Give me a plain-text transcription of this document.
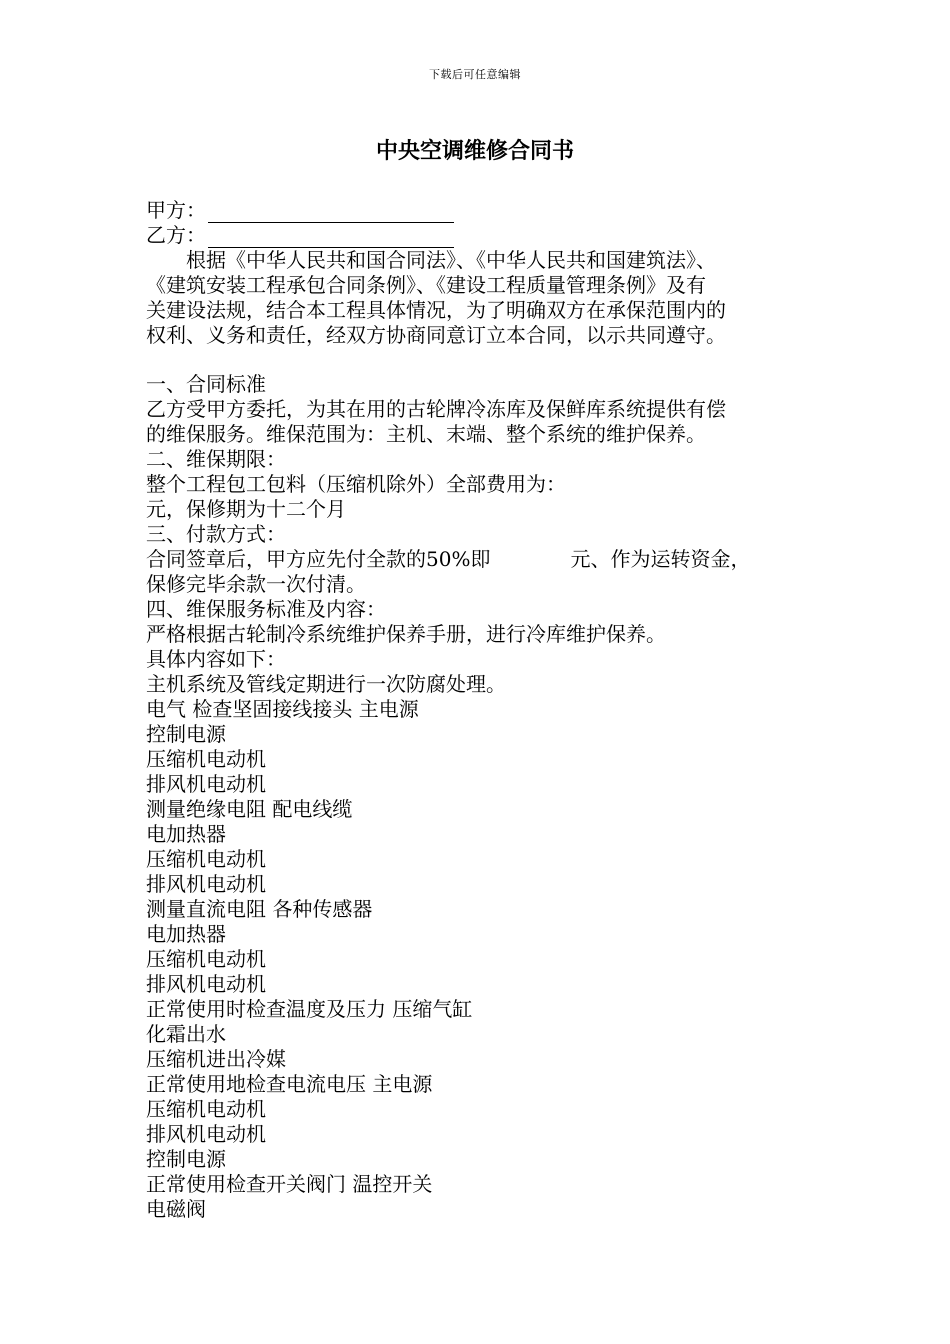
下载后可任意编辑
中央空调维修合同书
甲方：
乙方：
根据《中华人民共和国合同法》、《中华人民共和国建筑法》、
《建筑安装工程承包合同条例》、《建设工程质量管理条例》及有
关建设法规，结合本工程具体情况，为了明确双方在承保范围内的
权利、义务和责任，经双方协商同意订立本合同，以示共同遵守。
一、合同标准
乙方受甲方委托，为其在用的古轮牌冷冻库及保鲜库系统提供有偿
的维保服务。维保范围为：主机、末端、整个系统的维护保养。
二、维保期限：
整个工程包工包料（压缩机除外）全部费用为：
元，保修期为十二个月
三、付款方式：
合同签章后，甲方应先付全款的50%即	元、作为运转资金，
保修完毕余款一次付清。
四、维保服务标准及内容：
严格根据古轮制冷系统维护保养手册，进行冷库维护保养。
具体内容如下：
主机系统及管线定期进行一次防腐处理。
电气 检查坚固接线接头 主电源
控制电源
压缩机电动机
排风机电动机
测量绝缘电阻 配电线缆
电加热器
压缩机电动机
排风机电动机
测量直流电阻 各种传感器
电加热器
压缩机电动机
排风机电动机
正常使用时检查温度及压力 压缩气缸
化霜出水
压缩机进出冷媒
正常使用地检查电流电压 主电源
压缩机电动机
排风机电动机
控制电源
正常使用检查开关阀门 温控开关
电磁阀
